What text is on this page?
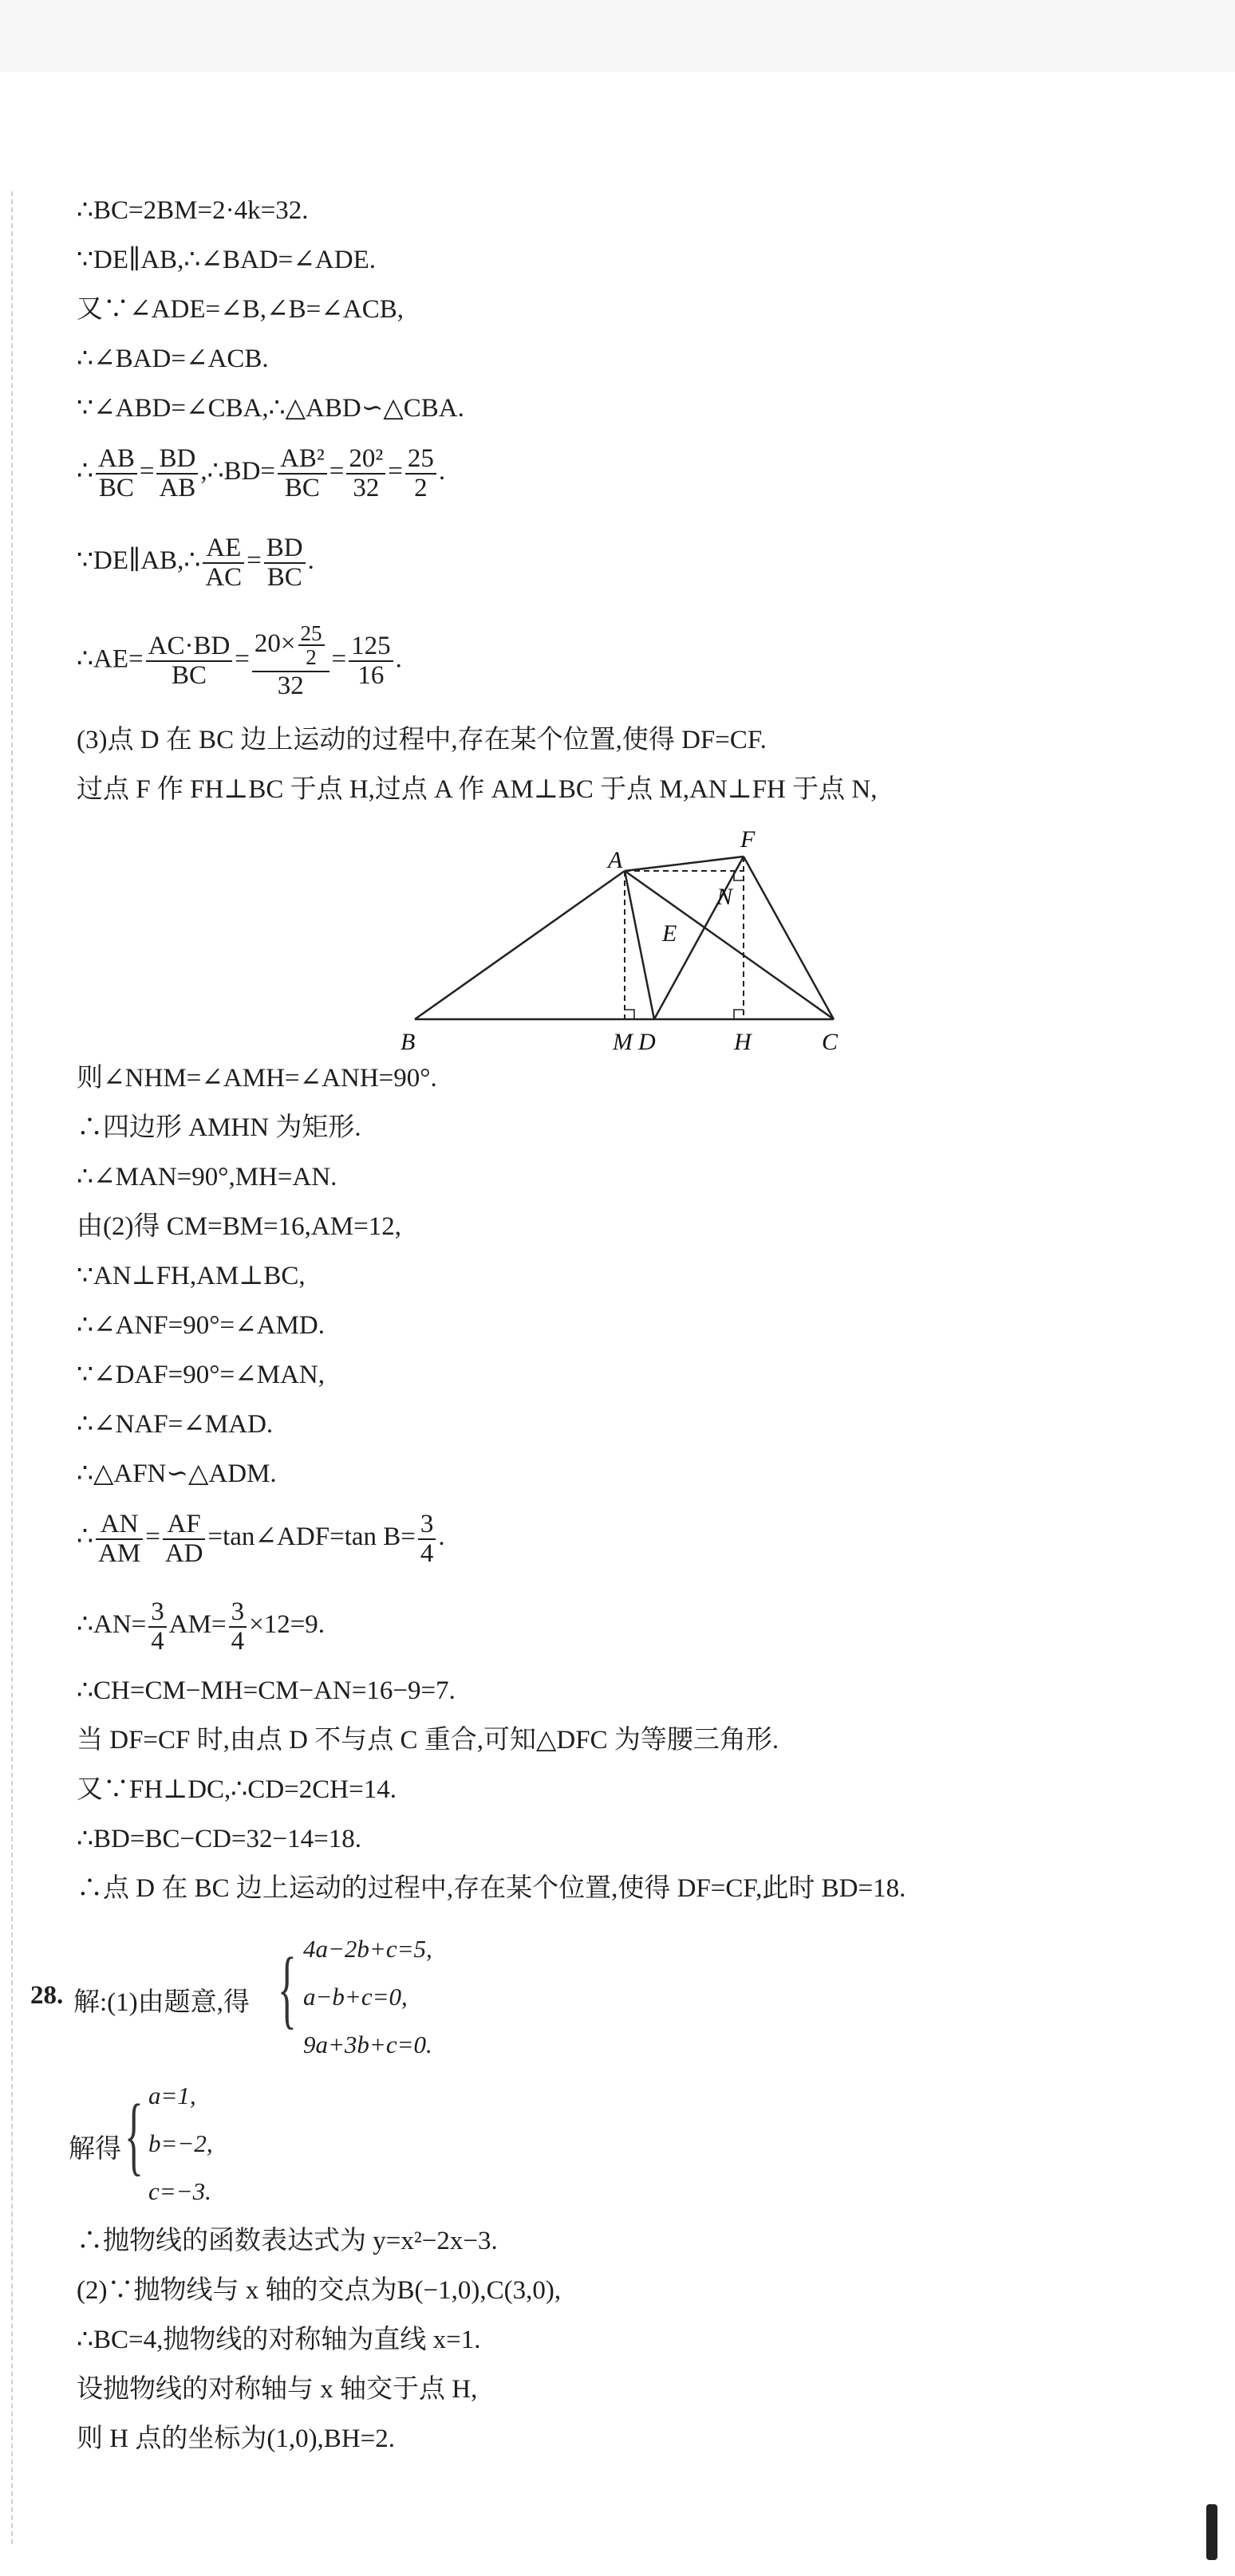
∴BC=2BM=2·4k=32.
∵DE∥AB,∴∠BAD=∠ADE.
又∵∠ADE=∠B,∠B=∠ACB,
∴∠BAD=∠ACB.
∵∠ABD=∠CBA,∴△ABD∽△CBA.
∴ $\frac{AB}{BC} = \frac{BD}{AB}$ ,∴BD= $\frac{\text{AB²}}{BC} = \frac{\text{20²}}{32} = \frac{25}{2}$ .
∵DE∥AB,∴ $\frac{AE}{AC} = \frac{BD}{BC}$ .
∴AE= $\frac{AC\cdot BD}{BC} = \frac{20\times \frac{25}{2}}{32} = \frac{125}{16}$ .
(3)点 D 在 BC 边上运动的过程中,存在某个位置,使得 DF=CF.
过点 F 作 FH⊥BC 于点 H,过点 A 作 AM⊥BC 于点 M,AN⊥FH 于点 N,
A
F
N
E
B	M D	H	C
则∠NHM=∠AMH=∠ANH=90°.
∴四边形 AMHN 为矩形.
∴∠MAN=90°,MH=AN.
由(2)得 CM=BM=16,AM=12,
∵AN⊥FH,AM⊥BC,
∴∠ANF=90°=∠AMD.
∵∠DAF=90°=∠MAN,
∴∠NAF=∠MAD.
∴△AFN∽△ADM.
∴ $\frac{AN}{AM} = \frac{AF}{AD}$ =tan∠ADF=tan $B= \frac{3}{4}$ .
∴AN= $\frac{3}{4} AM= \frac{3}{4} \times 12=9$.
∴CH=CM−MH=CM−AN=16−9=7.
当 DF=CF 时,由点 D 不与点 C 重合,可知△DFC 为等腰三角形.
又∵FH⊥DC,∴CD=2CH=14.
∴BD=BC−CD=32−14=18.
∴点 D 在 BC 边上运动的过程中,存在某个位置,使得 DF=CF,此时 BD=18.
28. 解:(1)由题意,得 { 4a−2b+c=5,
a−b+c=0,
9a+3b+c=0.
解得 { a=1,
b=−2,
c=−3.
∴抛物线的函数表达式为 y=x²−2x−3.
(2)∵抛物线与 x 轴的交点为B(−1,0),C(3,0),
∴BC=4,抛物线的对称轴为直线 x=1.
设抛物线的对称轴与 x 轴交于点 H,
则 H 点的坐标为(1,0),BH=2.
